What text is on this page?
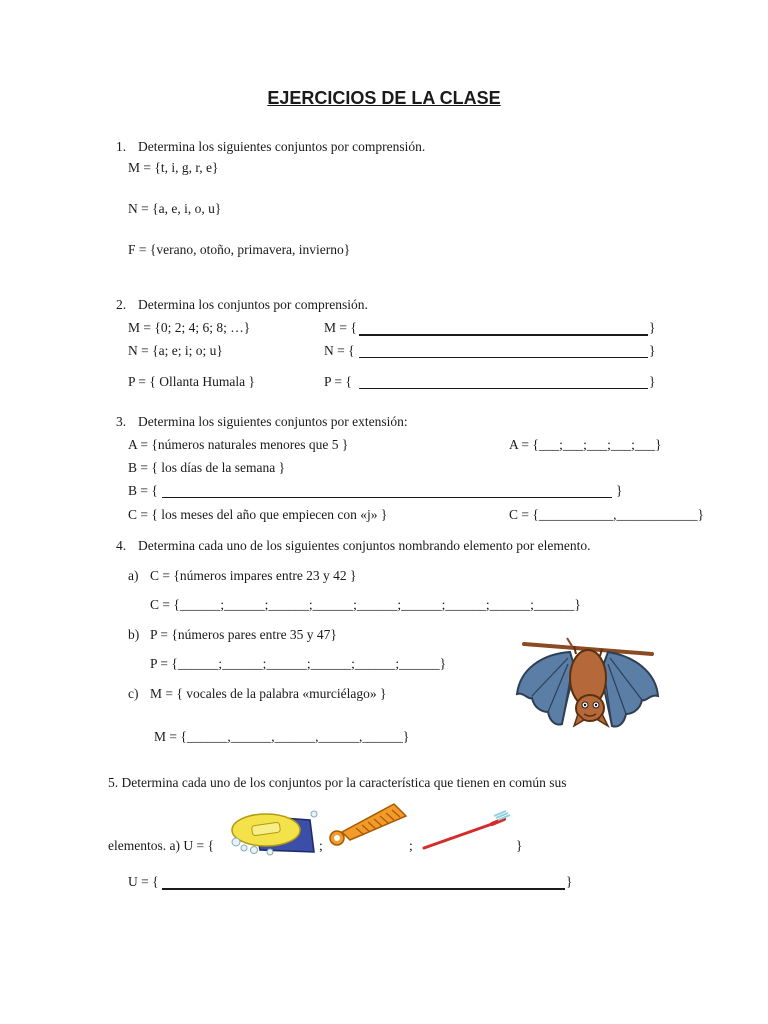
EJERCICIOS DE LA CLASE
1. Determina los siguientes conjuntos por comprensión.
M = {t, i, g, r, e}
N = {a, e, i, o, u}
F = {verano, otoño, primavera, invierno}
2. Determina los conjuntos por comprensión.
M = {0; 2; 4; 6; 8; …}	M = {	}
N = {a; e; i; o; u}	N = {	}
P = { Ollanta Humala }	P = {	}
3. Determina los siguientes conjuntos por extensión:
A = {números naturales menores que 5 }	A = {___;___;___;___;___}
B = { los días de la semana }
B = {	}
C = { los meses del año que empiecen con «j» }	C = {___________,____________}
4. Determina cada uno de los siguientes conjuntos nombrando elemento por elemento.
a) C = {números impares entre 23 y 42 }
C = {______;______;______;______;______;______;______;______;______}
b) P = {números pares entre 35 y 47}
P = {______;______;______;______;______;______}
c) M = { vocales de la palabra «murciélago» }
M = {______,______,______,______,______}
5. Determina cada uno de los conjuntos por la característica que tienen en común sus
elementos. a) U = {	;	;	}
U = {	}
